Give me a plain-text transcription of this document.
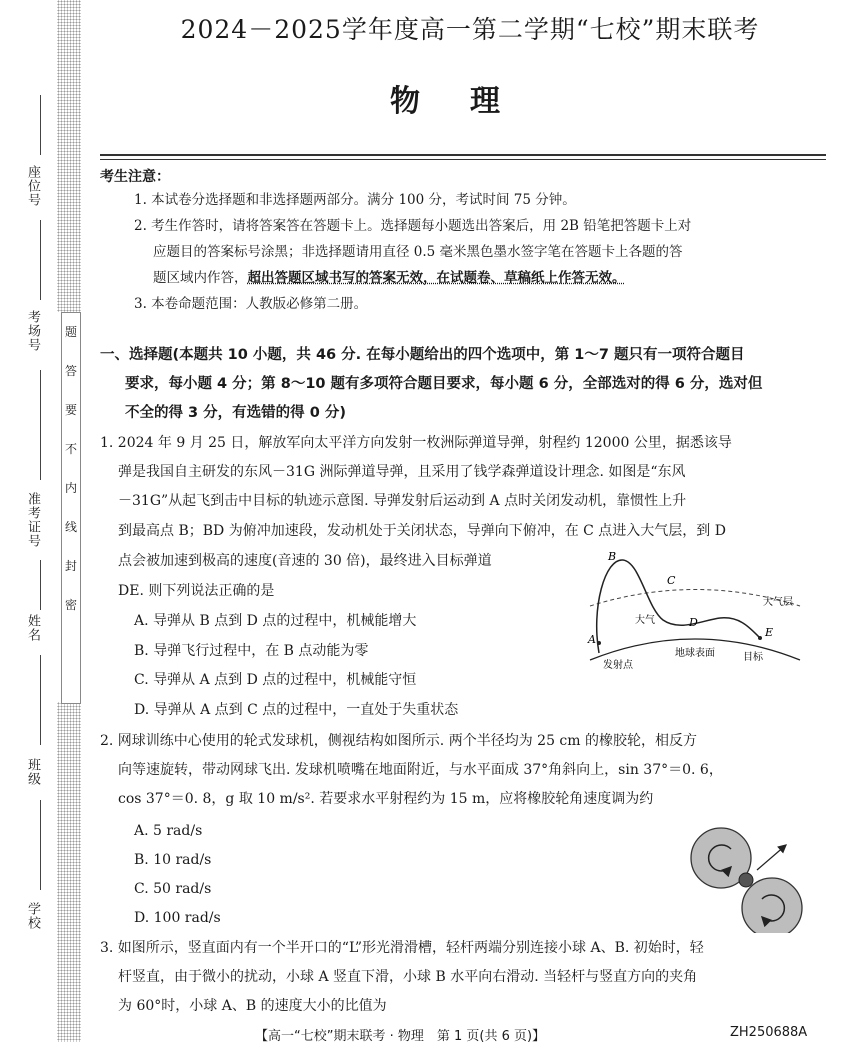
题
答
要
不
内
线
封
密
座位号
考场号
准考证号
姓名
班级
学校
2024－2025学年度高一第二学期“七校”期末联考
物理
考生注意：
1. 本试卷分选择题和非选择题两部分。满分 100 分，考试时间 75 分钟。
2. 考生作答时，请将答案答在答题卡上。选择题每小题选出答案后，用 2B 铅笔把答题卡上对
应题目的答案标号涂黑；非选择题请用直径 0.5 毫米黑色墨水签字笔在答题卡上各题的答
题区域内作答，超出答题区域书写的答案无效，在试题卷、草稿纸上作答无效。
3. 本卷命题范围：人教版必修第二册。
一、选择题(本题共 10 小题，共 46 分. 在每小题给出的四个选项中，第 1～7 题只有一项符合题目
要求，每小题 4 分；第 8～10 题有多项符合题目要求，每小题 6 分，全部选对的得 6 分，选对但
不全的得 3 分，有选错的得 0 分)
1. 2024 年 9 月 25 日，解放军向太平洋方向发射一枚洲际弹道导弹，射程约 12000 公里，据悉该导
弹是我国自主研发的东风－31G 洲际弹道导弹，且采用了钱学森弹道设计理念. 如图是“东风
－31G”从起飞到击中目标的轨迹示意图. 导弹发射后运动到 A 点时关闭发动机，靠惯性上升
到最高点 B；BD 为俯冲加速段，发动机处于关闭状态，导弹向下俯冲，在 C 点进入大气层，到 D
点会被加速到极高的速度(音速的 30 倍)，最终进入目标弹道
DE. 则下列说法正确的是
A. 导弹从 B 点到 D 点的过程中，机械能增大
B. 导弹飞行过程中，在 B 点动能为零
C. 导弹从 A 点到 D 点的过程中，机械能守恒
D. 导弹从 A 点到 C 点的过程中，一直处于失重状态
B
C
D
E
A
大气层
大气
发射点
地球表面	目标
2. 网球训练中心使用的轮式发球机，侧视结构如图所示. 两个半径均为 25 cm 的橡胶轮，相反方
向等速旋转，带动网球飞出. 发球机喷嘴在地面附近，与水平面成 37°角斜向上，sin 37°＝0. 6，
cos 37°＝0. 8，g 取 10 m/s². 若要求水平射程约为 15 m，应将橡胶轮角速度调为约
A. 5 rad/s
B. 10 rad/s
C. 50 rad/s
D. 100 rad/s
3. 如图所示，竖直面内有一个半开口的“L”形光滑滑槽，轻杆两端分别连接小球 A、B. 初始时，轻
杆竖直，由于微小的扰动，小球 A 竖直下滑，小球 B 水平向右滑动. 当轻杆与竖直方向的夹角
为 60°时，小球 A、B 的速度大小的比值为
【高一“七校”期末联考 · 物理　第 1 页(共 6 页)】	ZH250688A
